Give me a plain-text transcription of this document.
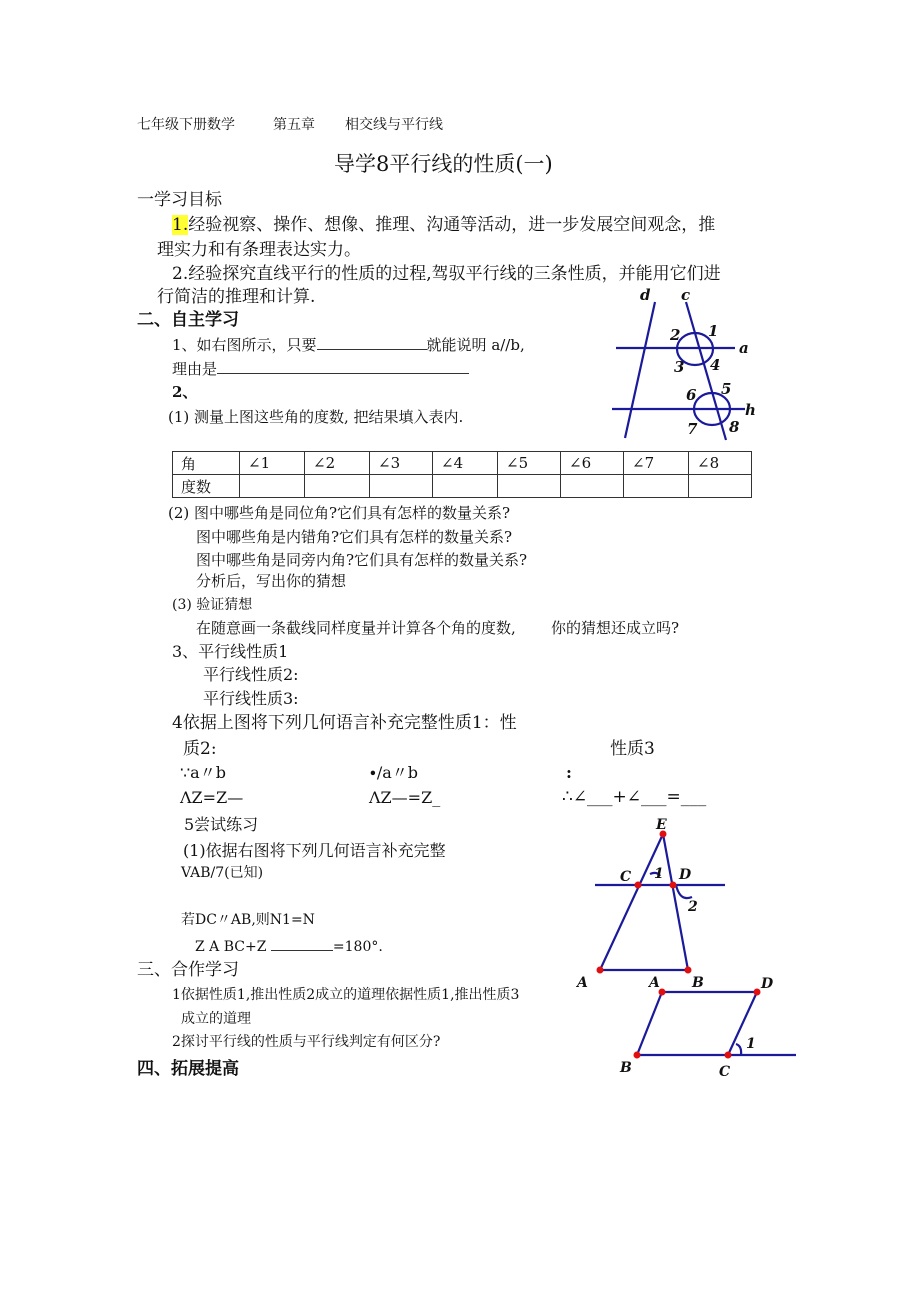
七年级下册数学	第五章 相交线与平行线
导学8平行线的性质(一)
一学习目标
1.经验视察、操作、想像、推理、沟通等活动，进一步发展空间观念，推
理实力和有条理表达实力。
2.经验探究直线平行的性质的过程,驾驭平行线的三条性质，并能用它们进
行简洁的推理和计算.
二、自主学习
1、如右图所示，只要	就能说明 a//b,
理由是
2、
(1) 测量上图这些角的度数, 把结果填入表内.
角	∠1	∠2	∠3	∠4	∠5	∠6	∠7	∠8
度数								
(2) 图中哪些角是同位角?它们具有怎样的数量关系?
图中哪些角是内错角?它们具有怎样的数量关系?
图中哪些角是同旁内角?它们具有怎样的数量关系?
分析后，写出你的猜想
(3) 验证猜想
在随意画一条截线同样度量并计算各个角的度数, 你的猜想还成立吗?
3、平行线性质1
平行线性质2:
平行线性质3:
4依据上图将下列几何语言补充完整性质1：性
质2:	性质3
∵a〃b
ΛZ=Z—
∙/a〃b
ΛZ—=Z_
:
∴∠___+∠___=___
5尝试练习
(1)依据右图将下列几何语言补充完整
VAB/7(已知)
若DC〃AB,则N1=N
Z A BC+Z	=180°.
三、合作学习
1依据性质1,推出性质2成立的道理依据性质1,推出性质3
成立的道理
2探讨平行线的性质与平行线判定有何区分?
四、拓展提高
d c
a
h
1
2
3 4
5
6
7 8
E
C	D
1
2
A	B
A
B
D
C
1
